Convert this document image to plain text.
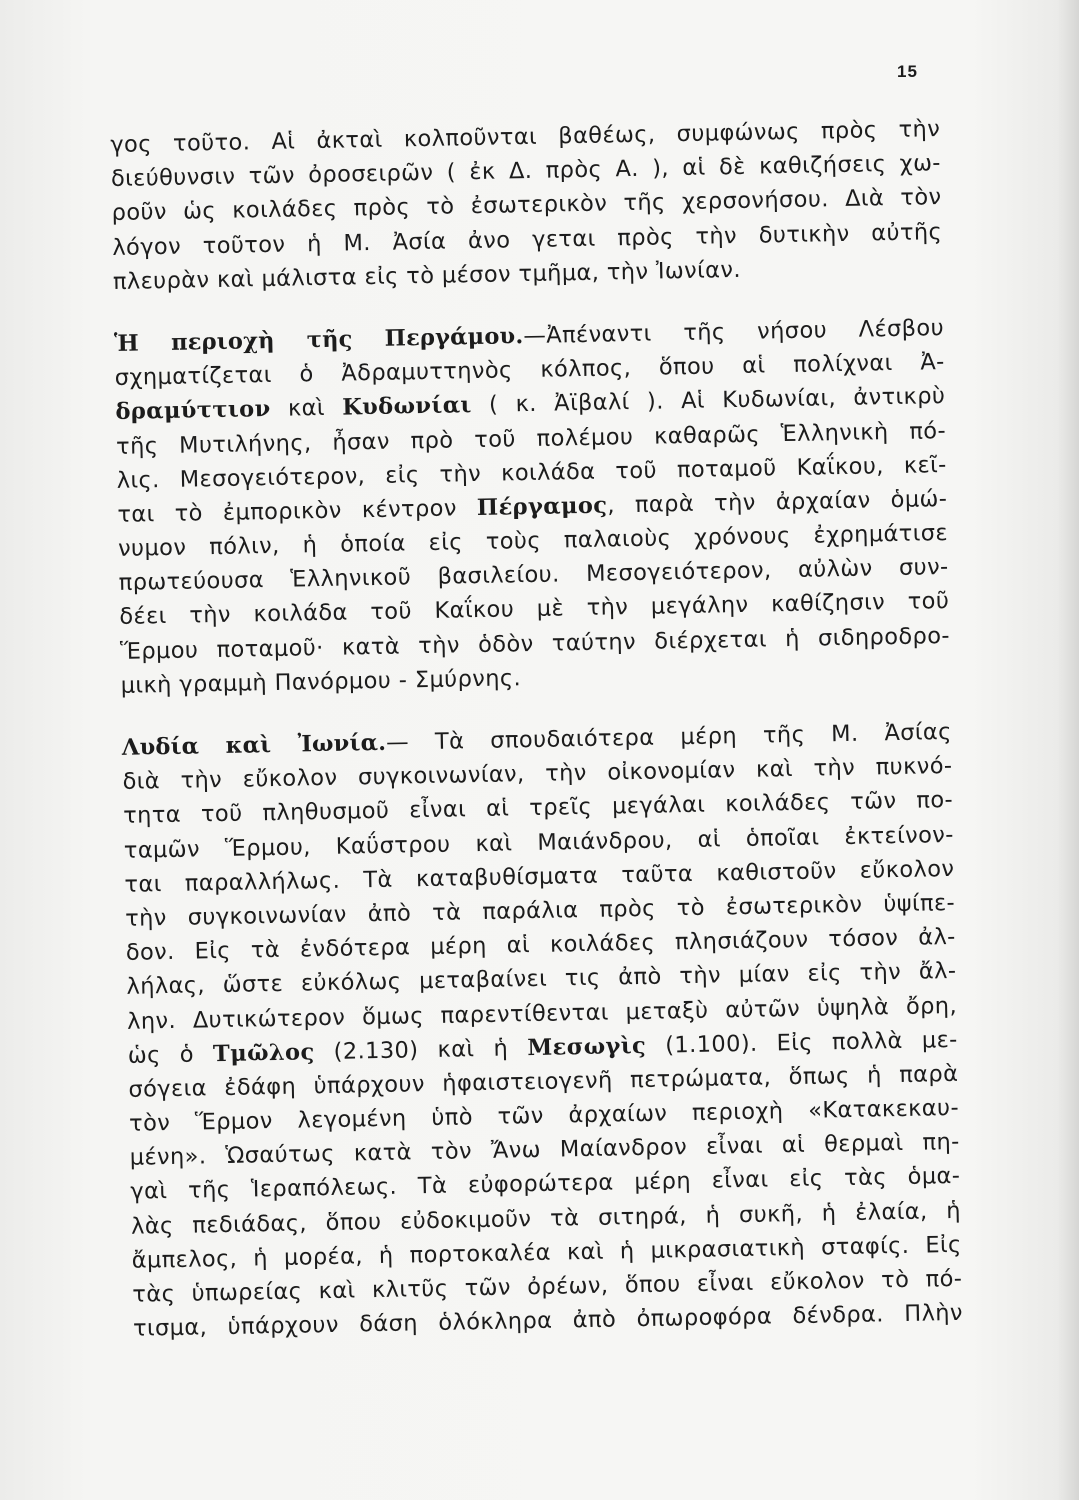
15
γος τοῦτο. Αἱ ἀκταὶ κολποῦνται βαθέως, συμφώνως πρὸς τὴν
διεύθυνσιν τῶν ὀροσειρῶν ( ἐκ Δ. πρὸς Α. ), αἱ δὲ καθιζήσεις χω-
ροῦν ὡς κοιλάδες πρὸς τὸ ἐσωτερικὸν τῆς χερσονήσου. Διὰ τὸν
λόγον τοῦτον ἡ Μ. Ἀσία ἀνο γεται πρὸς τὴν δυτικὴν αὐτῆς
πλευρὰν καὶ μάλιστα εἰς τὸ μέσον τμῆμα, τὴν Ἰωνίαν.
Ἡ περιοχὴ τῆς Περγάμου.—Ἀπέναντι τῆς νήσου Λέσβου
σχηματίζεται ὁ Ἀδραμυττηνὸς κόλπος, ὅπου αἱ πολίχναι Ἀ-
δραμύττιον καὶ Κυδωνίαι ( κ. Ἀϊβαλί ). Αἱ Κυδωνίαι, ἀντικρὺ
τῆς Μυτιλήνης, ἦσαν πρὸ τοῦ πολέμου καθαρῶς Ἑλληνικὴ πό-
λις. Μεσογειότερον, εἰς τὴν κοιλάδα τοῦ ποταμοῦ Καΐκου, κεῖ-
ται τὸ ἐμπορικὸν κέντρον Πέργαμος, παρὰ τὴν ἀρχαίαν ὁμώ-
νυμον πόλιν, ἡ ὁποία εἰς τοὺς παλαιοὺς χρόνους ἐχρημάτισε
πρωτεύουσα Ἑλληνικοῦ βασιλείου. Μεσογειότερον, αὐλὼν συν-
δέει τὴν κοιλάδα τοῦ Καΐκου μὲ τὴν μεγάλην καθίζησιν τοῦ
Ἕρμου ποταμοῦ· κατὰ τὴν ὁδὸν ταύτην διέρχεται ἡ σιδηροδρο-
μικὴ γραμμὴ Πανόρμου - Σμύρνης.
Λυδία καὶ Ἰωνία.— Τὰ σπουδαιότερα μέρη τῆς Μ. Ἀσίας
διὰ τὴν εὔκολον συγκοινωνίαν, τὴν οἰκονομίαν καὶ τὴν πυκνό-
τητα τοῦ πληθυσμοῦ εἶναι αἱ τρεῖς μεγάλαι κοιλάδες τῶν πο-
ταμῶν Ἕρμου, Καΰστρου καὶ Μαιάνδρου, αἱ ὁποῖαι ἐκτείνον-
ται παραλλήλως. Τὰ καταβυθίσματα ταῦτα καθιστοῦν εὔκολον
τὴν συγκοινωνίαν ἀπὸ τὰ παράλια πρὸς τὸ ἐσωτερικὸν ὑψίπε-
δον. Εἰς τὰ ἐνδότερα μέρη αἱ κοιλάδες πλησιάζουν τόσον ἀλ-
λήλας, ὥστε εὐκόλως μεταβαίνει τις ἀπὸ τὴν μίαν εἰς τὴν ἄλ-
λην. Δυτικώτερον ὅμως παρεντίθενται μεταξὺ αὐτῶν ὑψηλὰ ὄρη,
ὡς ὁ Τμῶλος (2.130) καὶ ἡ Μεσωγὶς (1.100). Εἰς πολλὰ με-
σόγεια ἐδάφη ὑπάρχουν ἡφαιστειογενῆ πετρώματα, ὅπως ἡ παρὰ
τὸν Ἕρμον λεγομένη ὑπὸ τῶν ἀρχαίων περιοχὴ «Κατακεκαυ-
μένη». Ὡσαύτως κατὰ τὸν Ἄνω Μαίανδρον εἶναι αἱ θερμαὶ πη-
γαὶ τῆς Ἱεραπόλεως. Τὰ εὐφορώτερα μέρη εἶναι εἰς τὰς ὁμα-
λὰς πεδιάδας, ὅπου εὐδοκιμοῦν τὰ σιτηρά, ἡ συκῆ, ἡ ἐλαία, ἡ
ἄμπελος, ἡ μορέα, ἡ πορτοκαλέα καὶ ἡ μικρασιατικὴ σταφίς. Εἰς
τὰς ὑπωρείας καὶ κλιτῦς τῶν ὀρέων, ὅπου εἶναι εὔκολον τὸ πό-
τισμα, ὑπάρχουν δάση ὁλόκληρα ἀπὸ ὀπωροφόρα δένδρα. Πλὴν
